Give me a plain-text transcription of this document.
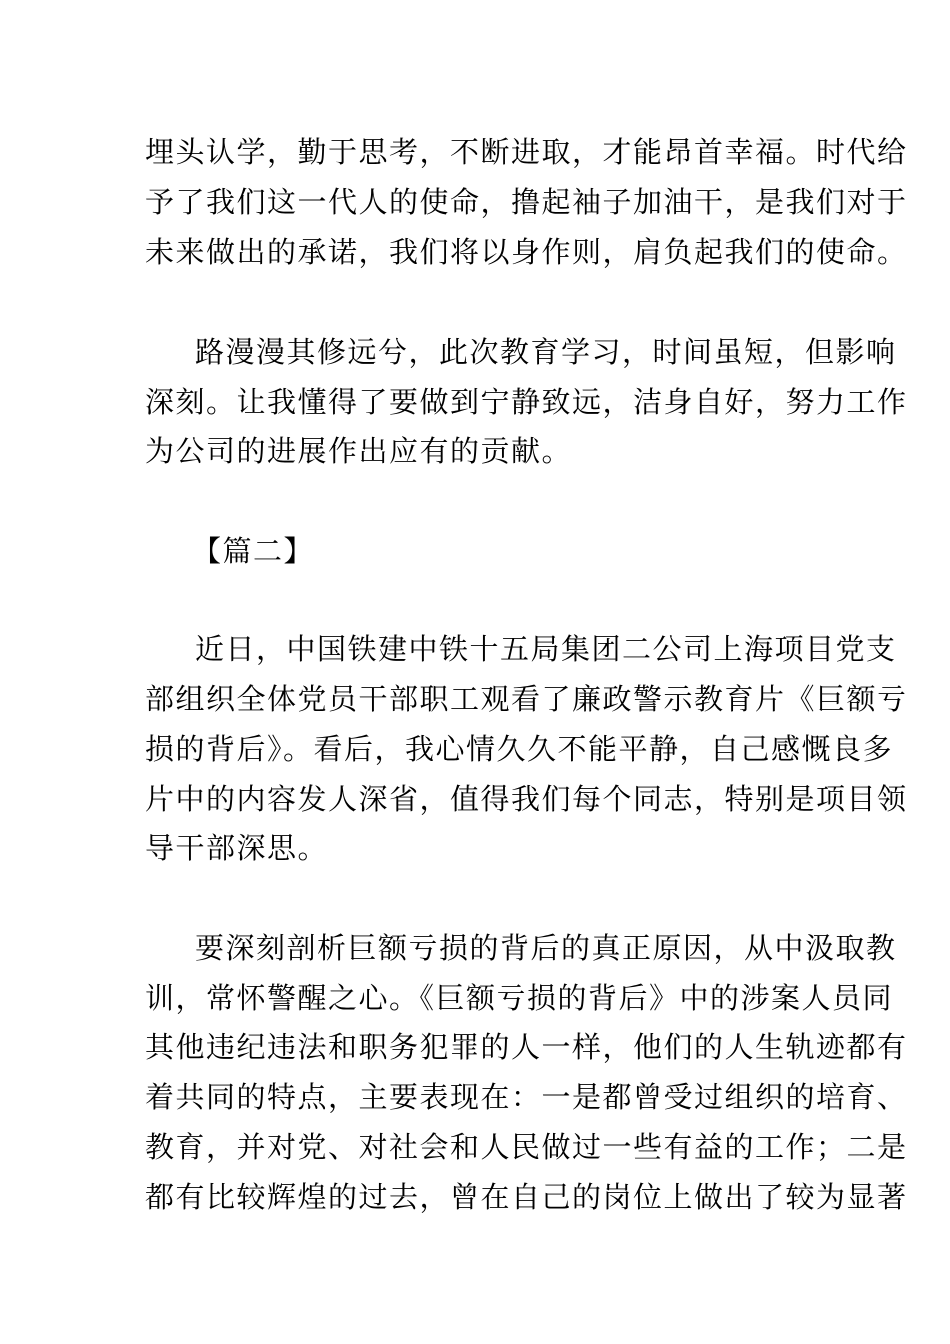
埋头认学，勤于思考，不断进取，才能昂首幸福。时代给
予了我们这一代人的使命，撸起袖子加油干，是我们对于
未来做出的承诺，我们将以身作则，肩负起我们的使命。
路漫漫其修远兮，此次教育学习，时间虽短，但影响
深刻。让我懂得了要做到宁静致远，洁身自好，努力工作
为公司的进展作出应有的贡献。
【篇二】
近日，中国铁建中铁十五局集团二公司上海项目党支
部组织全体党员干部职工观看了廉政警示教育片《巨额亏
损的背后》。看后，我心情久久不能平静，自己感慨良多
片中的内容发人深省，值得我们每个同志，特别是项目领
导干部深思。
要深刻剖析巨额亏损的背后的真正原因，从中汲取教
训，常怀警醒之心。《巨额亏损的背后》中的涉案人员同
其他违纪违法和职务犯罪的人一样，他们的人生轨迹都有
着共同的特点，主要表现在：一是都曾受过组织的培育、
教育，并对党、对社会和人民做过一些有益的工作；二是
都有比较辉煌的过去，曾在自己的岗位上做出了较为显著
